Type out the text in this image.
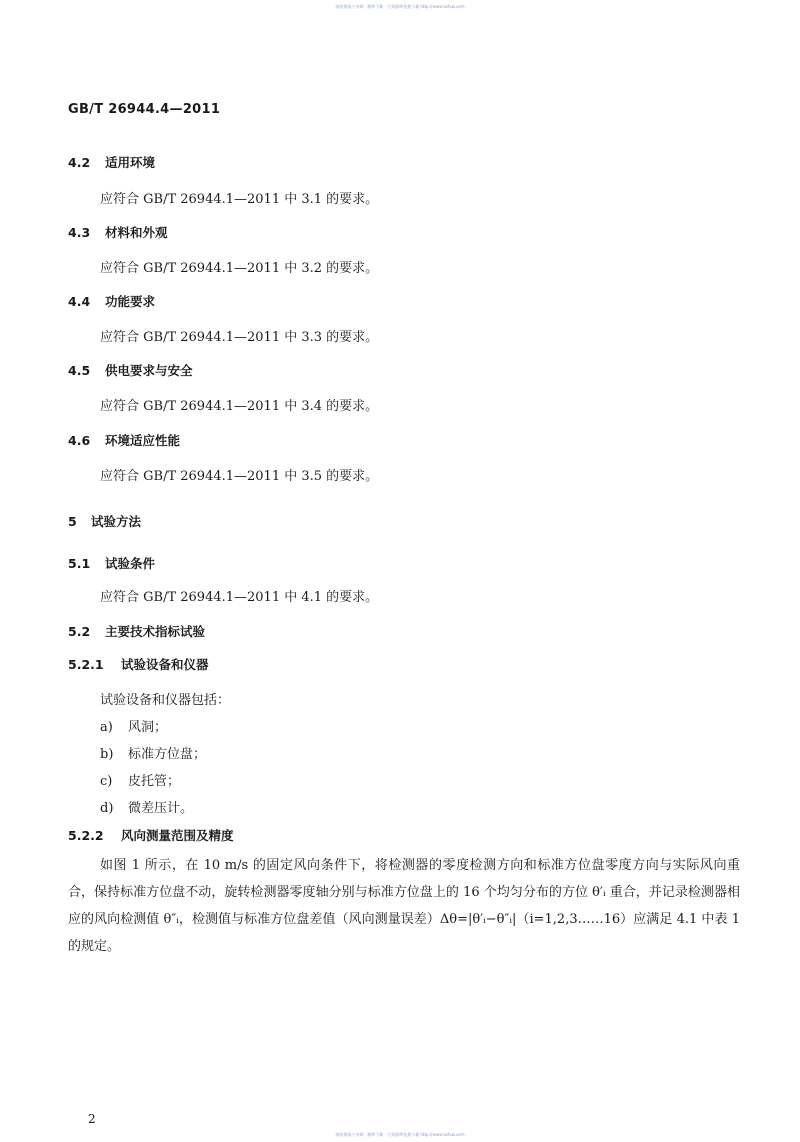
國家標准分享網 · 標準下載 · 行業標準免費下載 http://www.bzfxw.com
GB/T 26944.4—2011
4.2 适用环境
应符合 GB/T 26944.1—2011 中 3.1 的要求。
4.3 材料和外观
应符合 GB/T 26944.1—2011 中 3.2 的要求。
4.4 功能要求
应符合 GB/T 26944.1—2011 中 3.3 的要求。
4.5 供电要求与安全
应符合 GB/T 26944.1—2011 中 3.4 的要求。
4.6 环境适应性能
应符合 GB/T 26944.1—2011 中 3.5 的要求。
5 试验方法
5.1 试验条件
应符合 GB/T 26944.1—2011 中 4.1 的要求。
5.2 主要技术指标试验
5.2.1 试验设备和仪器
试验设备和仪器包括：
a) 风洞；
b) 标准方位盘；
c) 皮托管；
d) 微差压计。
5.2.2 风向测量范围及精度
如图 1 所示，在 10 m/s 的固定风向条件下，将检测器的零度检测方向和标准方位盘零度方向与实际风向重合，保持标准方位盘不动，旋转检测器零度轴分别与标准方位盘上的 16 个均匀分布的方位 θ′ᵢ 重合，并记录检测器相应的风向检测值 θ″ᵢ，检测值与标准方位盘差值（风向测量误差）Δθ=|θ′ᵢ−θ″ᵢ|（i=1,2,3……16）应满足 4.1 中表 1 的规定。
2
國家標准分享網 · 標準下載 · 行業標準免費下載 http://www.bzfxw.com
